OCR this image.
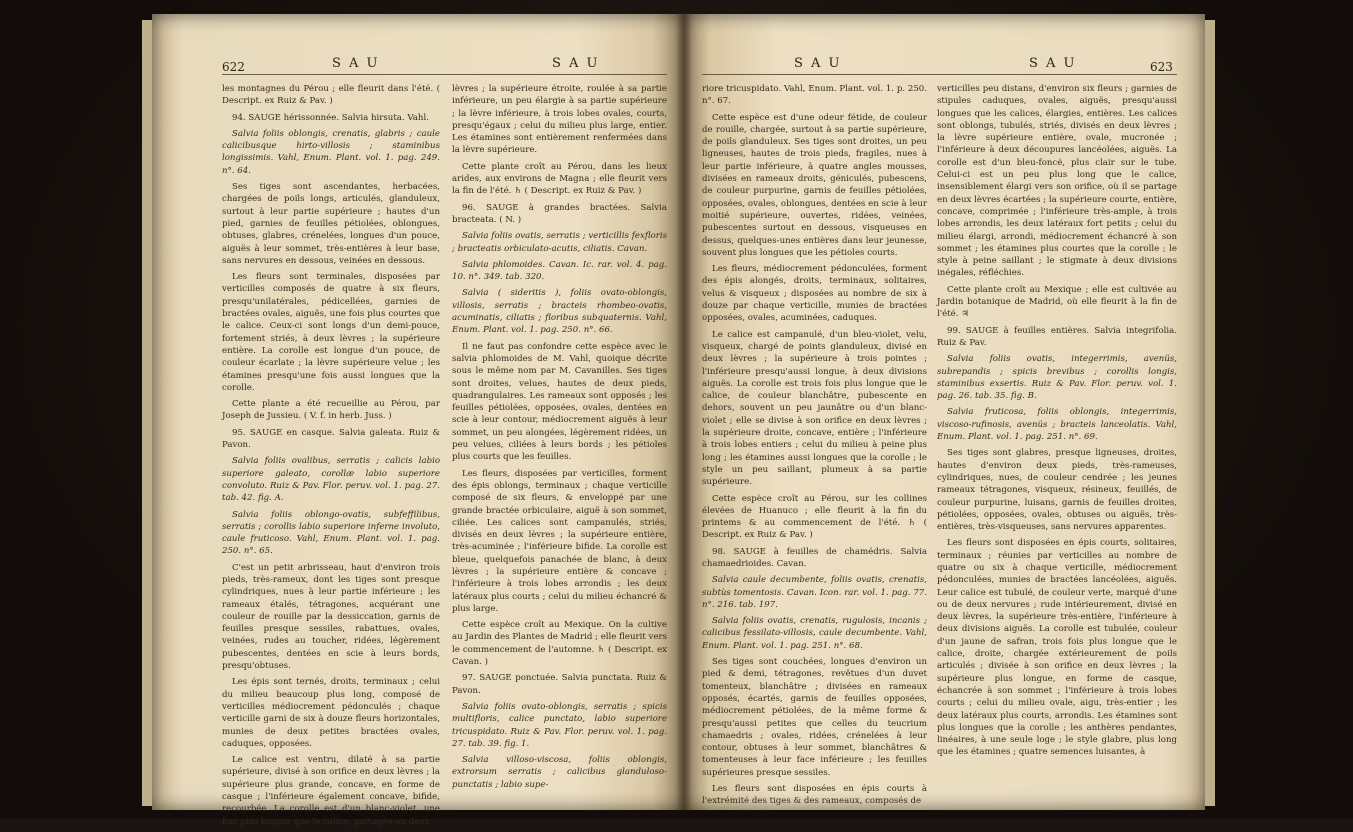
622	S A U	S A U

les montagnes du Pérou ; elle fleurit dans l'été. ( Descript. ex Ruiz & Pav. )

94. SAUGE hérissonnée. Salvia hirsuta. Vahl.

Salvia foliis oblongis, crenatis, glabris ; caule calicibusque hirto-villosis ; staminibus longissimis. Vahl, Enum. Plant. vol. 1. pag. 249. n°. 64.

Ses tiges sont ascendantes, herbacées, chargées de poils longs, articulés, glanduleux, surtout à leur partie supérieure ; hautes d'un pied, garnies de feuilles pétiolées, oblongues, obtuses, glabres, crénelées, longues d'un pouce, aiguës à leur sommet, très-entières à leur base, sans nervures en dessous, veinées en dessous.

Les fleurs sont terminales, disposées par verticilles composés de quatre à six fleurs, presqu'unilatérales, pédicellées, garnies de bractées ovales, aiguës, une fois plus courtes que le calice. Ceux-ci sont longs d'un demi-pouce, fortement striés, à deux lèvres ; la supérieure entière. La corolle est longue d'un pouce, de couleur écarlate ; la lèvre supérieure velue ; les étamines presqu'une fois aussi longues que la corolle.

Cette plante a été recueillie au Pérou, par Joseph de Jussieu. ( V. f. in herb. Juss. )

95. SAUGE en casque. Salvia galeata. Ruiz & Pavon.

Salvia foliis ovalibus, serratis ; calicis labio superiore galeato, corollæ labio superiore convoluto. Ruiz & Pav. Flor. peruv. vol. 1. pag. 27. tab. 42. fig. A.

Salvia foliis oblongo-ovatis, subfeffilibus, serratis ; corollis labio superiore inferne involuto, caule fruticoso. Vahl, Enum. Plant. vol. 1. pag. 250. n°. 65.

C'est un petit arbrisseau, haut d'environ trois pieds, très-rameux, dont les tiges sont presque cylindriques, nues à leur partie inférieure ; les rameaux étalés, tétragones, acquérant une couleur de rouille par la dessiccation, garnis de feuilles presque sessiles, rabattues, ovales, veinées, rudes au toucher, ridées, légèrement pubescentes, dentées en scie à leurs bords, presqu'obtuses.

Les épis sont ternés, droits, terminaux ; celui du milieu beaucoup plus long, composé de verticilles médiocrement pédonculés ; chaque verticille garni de six à douze fleurs horizontales, munies de deux petites bractées ovales, caduques, opposées.

Le calice est ventru, dilaté à sa partie supérieure, divisé à son orifice en deux lèvres ; la supérieure plus grande, concave, en forme de casque ; l'inférieure également concave, bifide, recourbée. La corolle est d'un blanc-violet, une fois plus longue que le calice, partagée en deux

lèvres ; la supérieure étroite, roulée à sa partie inférieure, un peu élargie à sa partie supérieure ; la lèvre inférieure, à trois lobes ovales, courts, presqu'égaux ; celui du milieu plus large, entier. Les étamines sont entièrement renfermées dans la lèvre supérieure.

Cette plante croît au Pérou, dans les lieux arides, aux environs de Magna ; elle fleurit vers la fin de l'été. ♄ ( Descript. ex Ruiz & Pav. )

96. SAUGE à grandes bractées. Salvia bracteata. ( N. )

Salvia foliis ovatis, serratis ; verticillis fexfloris ; bracteatis orbiculato-acutis, ciliatis. Cavan.

Salvia phlomoides. Cavan. Ic. rar. vol. 4. pag. 10. n°. 349. tab. 320.

Salvia ( sideritis ), foliis ovato-oblongis, villosis, serratis ; bracteis rhombeo-ovatis, acuminatis, ciliatis ; floribus subquaternis. Vahl, Enum. Plant. vol. 1. pag. 250. n°. 66.

Il ne faut pas confondre cette espèce avec le salvia phlomoides de M. Vahl, quoique décrite sous le même nom par M. Cavanilles. Ses tiges sont droites, velues, hautes de deux pieds, quadrangulaires. Les rameaux sont opposés ; les feuilles pétiolées, opposées, ovales, dentées en scie à leur contour, médiocrement aiguës à leur sommet, un peu alongées, légèrement ridées, un peu velues, ciliées à leurs bords ; les pétioles plus courts que les feuilles.

Les fleurs, disposées par verticilles, forment des épis oblongs, terminaux ; chaque verticille composé de six fleurs, & enveloppé par une grande bractée orbiculaire, aiguë à son sommet, ciliée. Les calices sont campanulés, striés, divisés en deux lèvres ; la supérieure entière, très-acuminée ; l'inférieure bifide. La corolle est bleue, quelquefois panachée de blanc, à deux lèvres ; la supérieure entière & concave ; l'inférieure à trois lobes arrondis ; les deux latéraux plus courts ; celui du milieu échancré & plus large.

Cette espèce croît au Mexique. On la cultive au Jardin des Plantes de Madrid ; elle fleurit vers le commencement de l'automne. ♄ ( Descript. ex Cavan. )

97. SAUGE ponctuée. Salvia punctata. Ruiz & Pavon.

Salvia foliis ovato-oblongis, serratis ; spicis multifloris, calice punctato, labio superiore tricuspidato. Ruiz & Pav. Flor. peruv. vol. 1. pag. 27. tab. 39. fig. 1.

Salvia villoso-viscosa, foliis oblongis, extrorsum serratis ; calicibus glanduloso-punctatis ; labio supe-

S A U	S A U	623

riore tricuspidato. Vahl, Enum. Plant. vol. 1. p. 250. n°. 67.

Cette espèce est d'une odeur fétide, de couleur de rouille, chargée, surtout à sa partie supérieure, de poils glanduleux. Ses tiges sont droites, un peu ligneuses, hautes de trois pieds, fragiles, nues à leur partie inférieure, à quatre angles mousses, divisées en rameaux droits, géniculés, pubescens, de couleur purpurine, garnis de feuilles pétiolées, opposées, ovales, oblongues, dentées en scie à leur moitié supérieure, ouvertes, ridées, veinées, pubescentes surtout en dessous, visqueuses en dessus, quelques-unes entières dans leur jeunesse, souvent plus longues que les pétioles courts.

Les fleurs, médiocrement pédonculées, forment des épis alongés, droits, terminaux, solitaires, velus & visqueux ; disposées au nombre de six à douze par chaque verticille, munies de bractées opposées, ovales, acuminées, caduques.

Le calice est campanulé, d'un bleu-violet, velu, visqueux, chargé de points glanduleux, divisé en deux lèvres ; la supérieure à trois pointes ; l'inférieure presqu'aussi longue, à deux divisions aiguës. La corolle est trois fois plus longue que le calice, de couleur blanchâtre, pubescente en dehors, souvent un peu jaunâtre ou d'un blanc-violet ; elle se divise à son orifice en deux lèvres ; la supérieure droite, concave, entière ; l'inférieure à trois lobes entiers ; celui du milieu à peine plus long ; les étamines aussi longues que la corolle ; le style un peu saillant, plumeux à sa partie supérieure.

Cette espèce croît au Pérou, sur les collines élevées de Huanuco ; elle fleurit à la fin du printems & au commencement de l'été. ♄ ( Descript. ex Ruiz & Pav. )

98. SAUGE à feuilles de chamédris. Salvia chamaedrioides. Cavan.

Salvia caule decumbente, foliis ovatis, crenatis, subtùs tomentosis. Cavan. Icon. rar. vol. 1. pag. 77. n°. 216. tab. 197.

Salvia foliis ovatis, crenatis, rugulosis, incanis ; calicibus fessilato-villosis, caule decumbente. Vahl, Enum. Plant. vol. 1. pag. 251. n°. 68.

Ses tiges sont couchées, longues d'environ un pied & demi, tétragones, revêtues d'un duvet tomenteux, blanchâtre ; divisées en rameaux opposés, écartés, garnis de feuilles opposées, médiocrement pétiolées, de la même forme & presqu'aussi petites que celles du teucrium chamaedris ; ovales, ridées, crénelées à leur contour, obtuses à leur sommet, blanchâtres & tomenteuses à leur face inférieure ; les feuilles supérieures presque sessiles.

Les fleurs sont disposées en épis courts à l'extrémité des tiges & des rameaux, composés de

verticilles peu distans, d'environ six fleurs ; garnies de stipules caduques, ovales, aiguës, presqu'aussi longues que les calices, élargies, entières. Les calices sont oblongs, tubulés, striés, divisés en deux lèvres ; la lèvre supérieure entière, ovale, mucronée ; l'inférieure à deux découpures lancéolées, aiguës. La corolle est d'un bleu-foncé, plus clair sur le tube. Celui-ci est un peu plus long que le calice, insensiblement élargi vers son orifice, où il se partage en deux lèvres écartées ; la supérieure courte, entière, concave, comprimée ; l'inférieure très-ample, à trois lobes arrondis, les deux latéraux fort petits ; celui du milieu élargi, arrondi, médiocrement échancré à son sommet ; les étamines plus courtes que la corolle ; le style à peine saillant ; le stigmate à deux divisions inégales, réfléchies.

Cette plante croît au Mexique ; elle est cultivée au Jardin botanique de Madrid, où elle fleurit à la fin de l'été. ♃

99. SAUGE à feuilles entières. Salvia integrifolia. Ruiz & Pav.

Salvia foliis ovatis, integerrimis, avenüs, subrepandis ; spicis brevibus ; corollis longis, staminibus exsertis. Ruiz & Pav. Flor. peruv. vol. 1. pag. 26. tab. 35. fig. B.

Salvia fruticosa, foliis oblongis, integerrimis, viscoso-rufinosis, avenüs ; bracteis lanceolatis. Vahl, Enum. Plant. vol. 1. pag. 251. n°. 69.

Ses tiges sont glabres, presque ligneuses, droites, hautes d'environ deux pieds, très-rameuses, cylindriques, nues, de couleur cendrée ; les jeunes rameaux tétragones, visqueux, résineux, feuillés, de couleur purpurine, luisans, garnis de feuilles droites, pétiolées, opposées, ovales, obtuses ou aiguës, très-entières, très-visqueuses, sans nervures apparentes.

Les fleurs sont disposées en épis courts, solitaires, terminaux ; réunies par verticilles au nombre de quatre ou six à chaque verticille, médiocrement pédonculées, munies de bractées lancéolées, aiguës. Leur calice est tubulé, de couleur verte, marqué d'une ou de deux nervures ; rude intérieurement, divisé en deux lèvres, la supérieure très-entière, l'inférieure à deux divisions aiguës. La corolle est tubulée, couleur d'un jaune de safran, trois fois plus longue que le calice, droite, chargée extérieurement de poils articulés ; divisée à son orifice en deux lèvres ; la supérieure plus longue, en forme de casque, échancrée à son sommet ; l'inférieure à trois lobes courts ; celui du milieu ovale, aigu, très-entier ; les deux latéraux plus courts, arrondis. Les étamines sont plus longues que la corolle ; les anthères pendantes, linéaires, à une seule loge ; le style glabre, plus long que les étamines ; quatre semences luisantes, à
